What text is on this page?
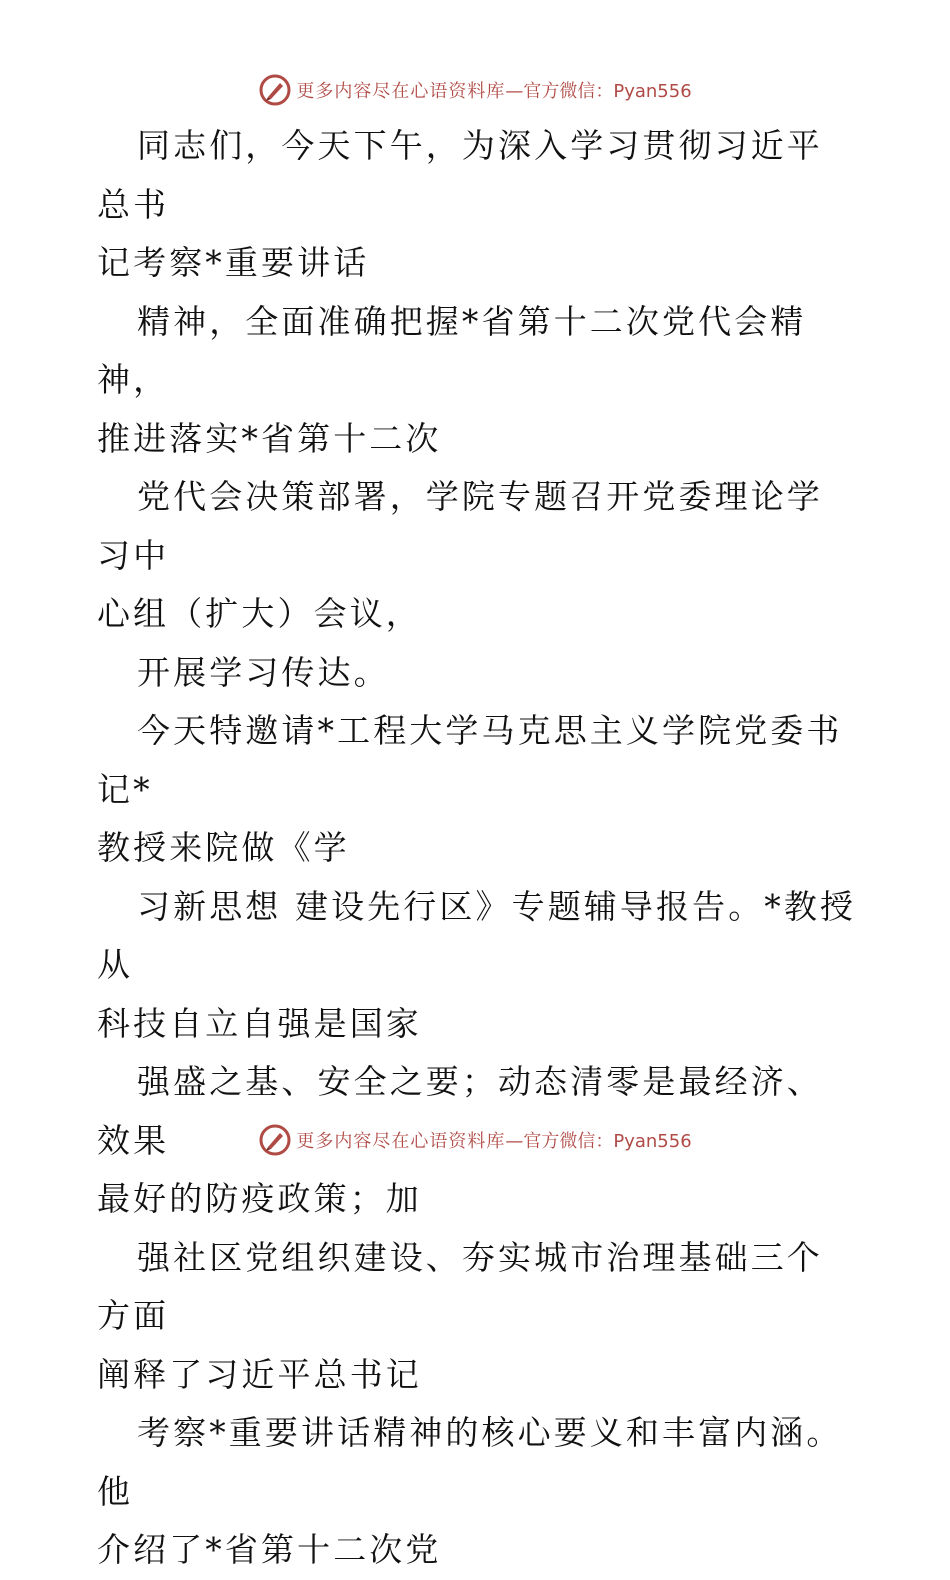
更多内容尽在心语资料库 —官方微信：Pyan556

同志们，今天下午，为深入学习贯彻习近平总书
记考察*重要讲话

精神，全面准确把握*省第十二次党代会精神，
推进落实*省第十二次

党代会决策部署，学院专题召开党委理论学习中
心组（扩大）会议，

开展学习传达。

今天特邀请*工程大学马克思主义学院党委书记*
教授来院做《学

习新思想 建设先行区》专题辅导报告。*教授从
科技自立自强是国家

强盛之基、安全之要；动态清零是最经济、效果
最好的防疫政策；加

强社区党组织建设、夯实城市治理基础三个方面
阐释了习近平总书记

考察*重要讲话精神的核心要义和丰富内涵。他
介绍了*省第十二次党

更多内容尽在心语资料库 —官方微信：Pyan556
